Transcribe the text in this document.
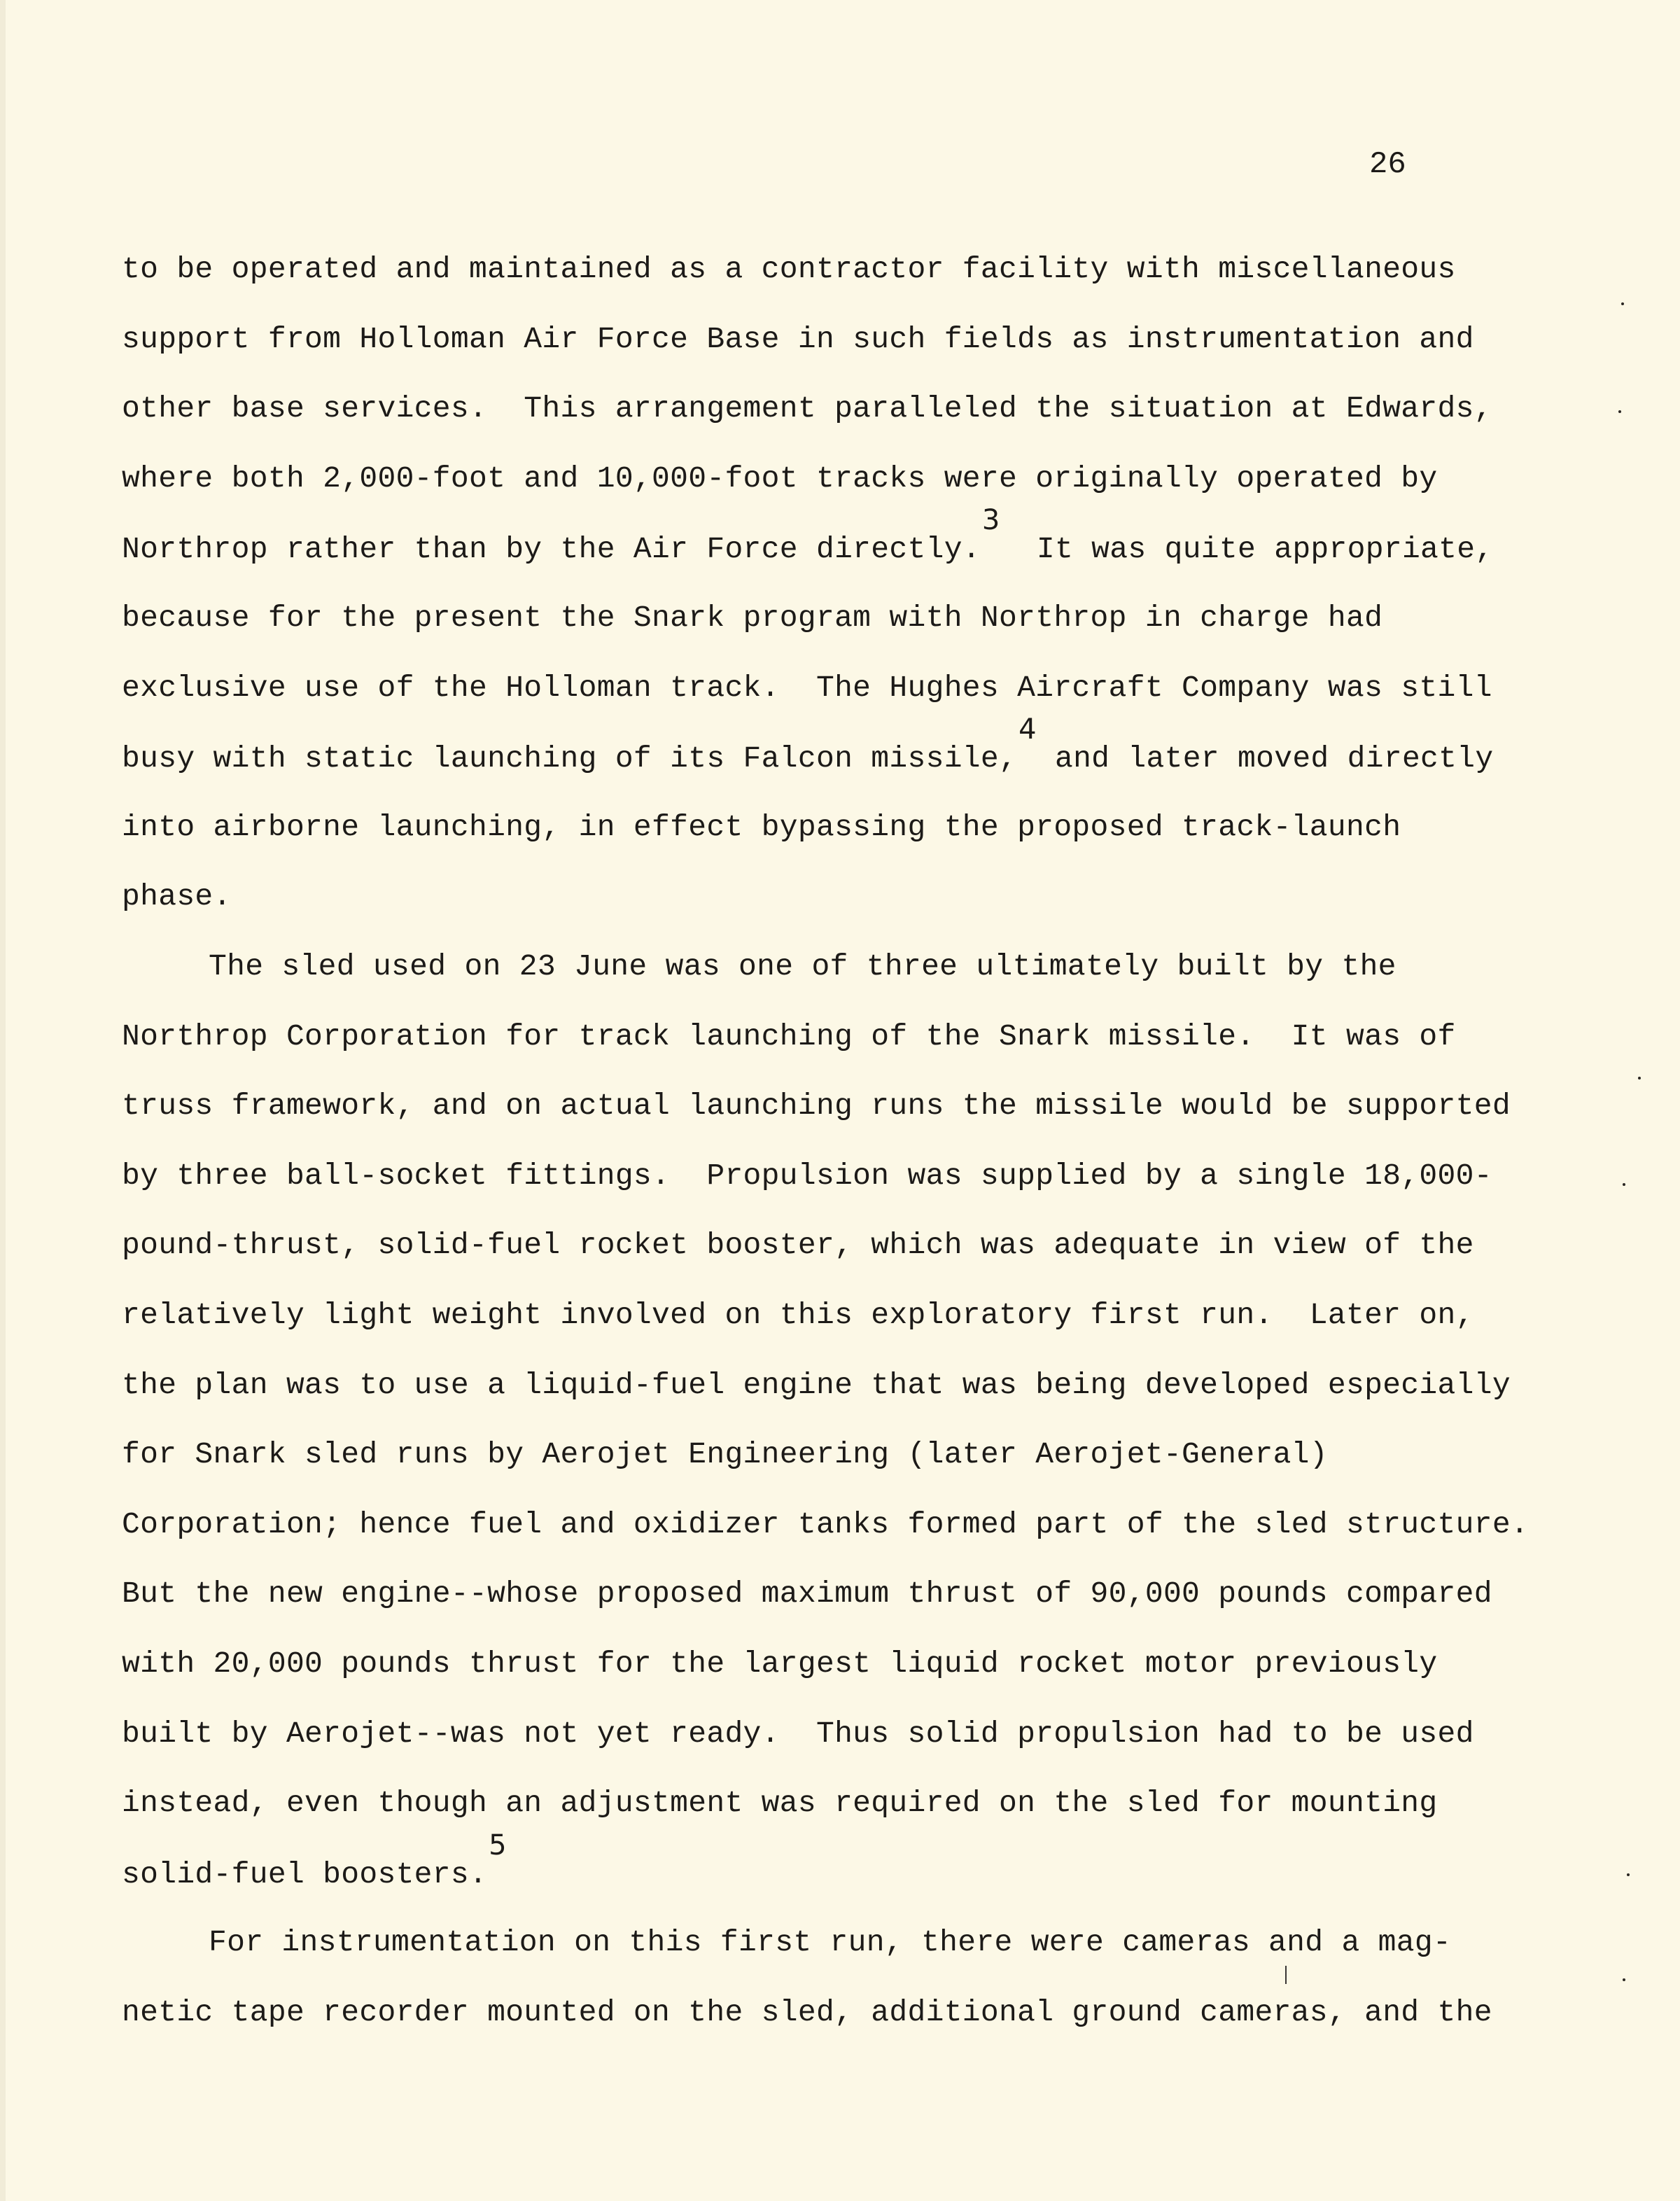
26
to be operated and maintained as a contractor facility with miscellaneous
support from Holloman Air Force Base in such fields as instrumentation and
other base services.  This arrangement paralleled the situation at Edwards,
where both 2,000-foot and 10,000-foot tracks were originally operated by
Northrop rather than by the Air Force directly.3  It was quite appropriate,
because for the present the Snark program with Northrop in charge had
exclusive use of the Holloman track.  The Hughes Aircraft Company was still
busy with static launching of its Falcon missile,4 and later moved directly
into airborne launching, in effect bypassing the proposed track-launch
phase.
The sled used on 23 June was one of three ultimately built by the
Northrop Corporation for track launching of the Snark missile.  It was of
truss framework, and on actual launching runs the missile would be supported
by three ball-socket fittings.  Propulsion was supplied by a single 18,000-
pound-thrust, solid-fuel rocket booster, which was adequate in view of the
relatively light weight involved on this exploratory first run.  Later on,
the plan was to use a liquid-fuel engine that was being developed especially
for Snark sled runs by Aerojet Engineering (later Aerojet-General)
Corporation; hence fuel and oxidizer tanks formed part of the sled structure.
But the new engine--whose proposed maximum thrust of 90,000 pounds compared
with 20,000 pounds thrust for the largest liquid rocket motor previously
built by Aerojet--was not yet ready.  Thus solid propulsion had to be used
instead, even though an adjustment was required on the sled for mounting
solid-fuel boosters.5
For instrumentation on this first run, there were cameras and a mag-
netic tape recorder mounted on the sled, additional ground cameras, and the
